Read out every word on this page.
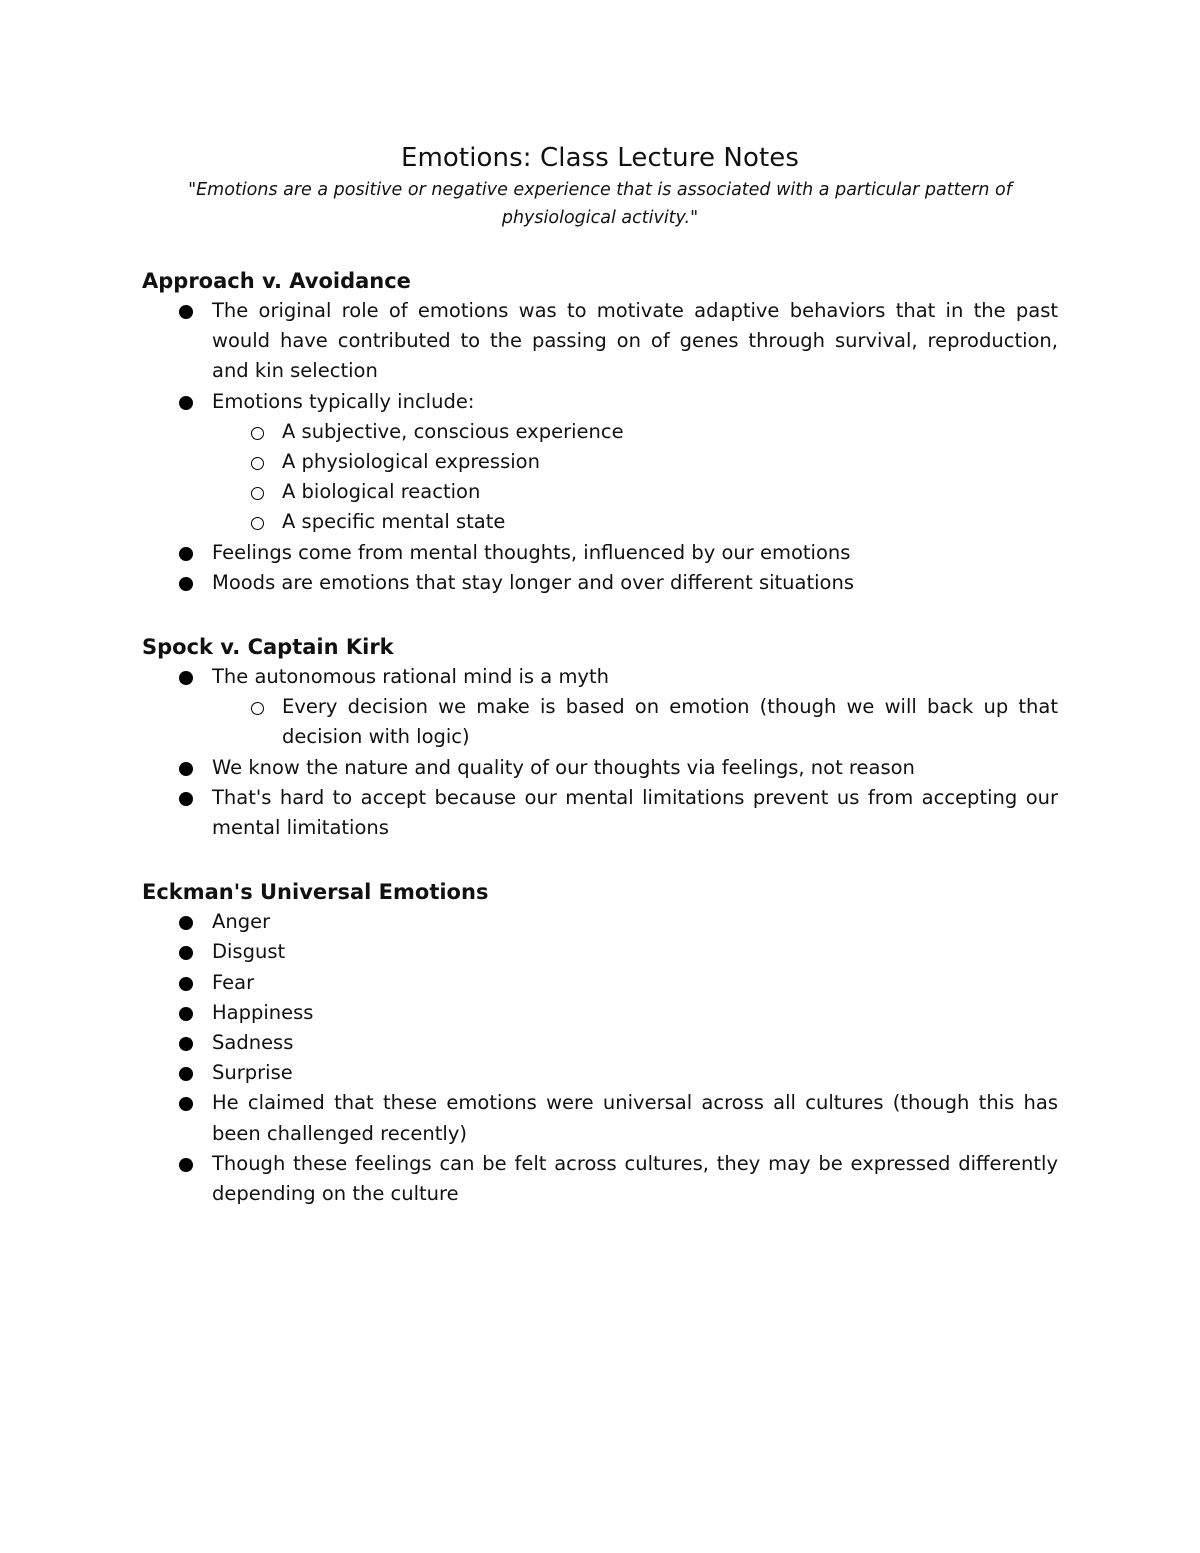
Emotions: Class Lecture Notes

"Emotions are a positive or negative experience that is associated with a particular pattern of physiological activity."

Approach v. Avoidance
The original role of emotions was to motivate adaptive behaviors that in the past would have contributed to the passing on of genes through survival, reproduction, and kin selection
Emotions typically include:
A subjective, conscious experience
A physiological expression
A biological reaction
A specific mental state
Feelings come from mental thoughts, influenced by our emotions
Moods are emotions that stay longer and over different situations
Spock v. Captain Kirk
The autonomous rational mind is a myth
Every decision we make is based on emotion (though we will back up that decision with logic)
We know the nature and quality of our thoughts via feelings, not reason
That's hard to accept because our mental limitations prevent us from accepting our mental limitations
Eckman's Universal Emotions
Anger
Disgust
Fear
Happiness
Sadness
Surprise
He claimed that these emotions were universal across all cultures (though this has been challenged recently)
Though these feelings can be felt across cultures, they may be expressed differently depending on the culture
